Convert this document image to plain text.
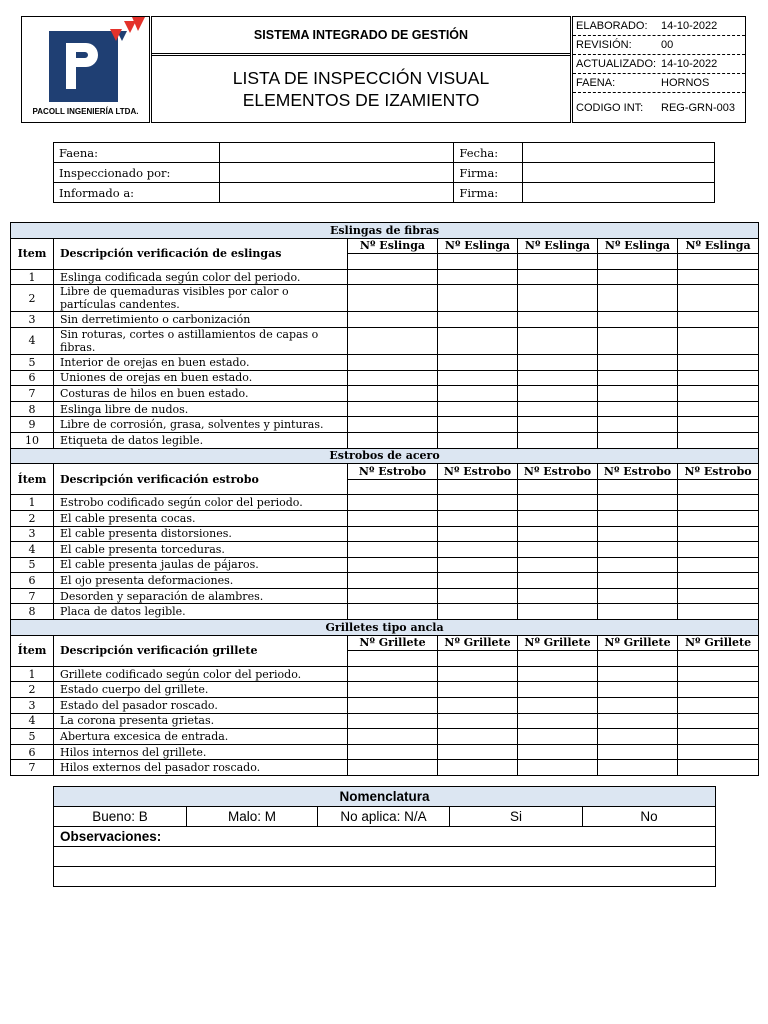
PACOLL INGENIERÍA LTDA.
	SISTEMA INTEGRADO DE GESTIÓN	
ELABORADO:	14-10-2022
REVISIÓN:	00
ACTUALIZADO: 14-10-2022
FAENA:	HORNOS
CODIGO INT:	REG-GRN-003

LISTA DE INSPECCIÓN VISUAL
ELEMENTOS DE IZAMIENTO
Faena:		Fecha:	
Inspeccionado por:		Firma:	
Informado a:		Firma:	
Eslingas de fibras						
Item	Descripción verificación de eslingas	Nº Eslinga	Nº Eslinga	Nº Eslinga	Nº Eslinga	Nº Eslinga

1	Eslinga codificada según color del periodo.					
2	Libre de quemaduras visibles por calor o partículas candentes.					
3	Sin derretimiento o carbonización					
4	Sin roturas, cortes o astillamientos de capas o fibras.					
5	Interior de orejas en buen estado.					
6	Uniones de orejas en buen estado.					
7	Costuras de hilos en buen estado.					
8	Eslinga libre de nudos.					
9	Libre de corrosión, grasa, solventes y pinturas.					
10	Etiqueta de datos legible.					
Estrobos de acero						
Ítem	Descripción verificación estrobo	Nº Estrobo	Nº Estrobo	Nº Estrobo	Nº Estrobo	Nº Estrobo

1	Estrobo codificado según color del periodo.					
2	El cable presenta cocas.					
3	El cable presenta distorsiones.					
4	El cable presenta torceduras.					
5	El cable presenta jaulas de pájaros.					
6	El ojo presenta deformaciones.					
7	Desorden y separación de alambres.					
8	Placa de datos legible.					
Grilletes tipo ancla						
Ítem	Descripción verificación grillete	Nº Grillete	Nº Grillete	Nº Grillete	Nº Grillete	Nº Grillete

1	Grillete codificado según color del periodo.					
2	Estado cuerpo del grillete.					
3	Estado del pasador roscado.					
4	La corona presenta grietas.					
5	Abertura excesica de entrada.					
6	Hilos internos del grillete.					
7	Hilos externos del pasador roscado.					
Nomenclatura
Bueno: B	Malo: M	No aplica: N/A	Si	No
Observaciones:
